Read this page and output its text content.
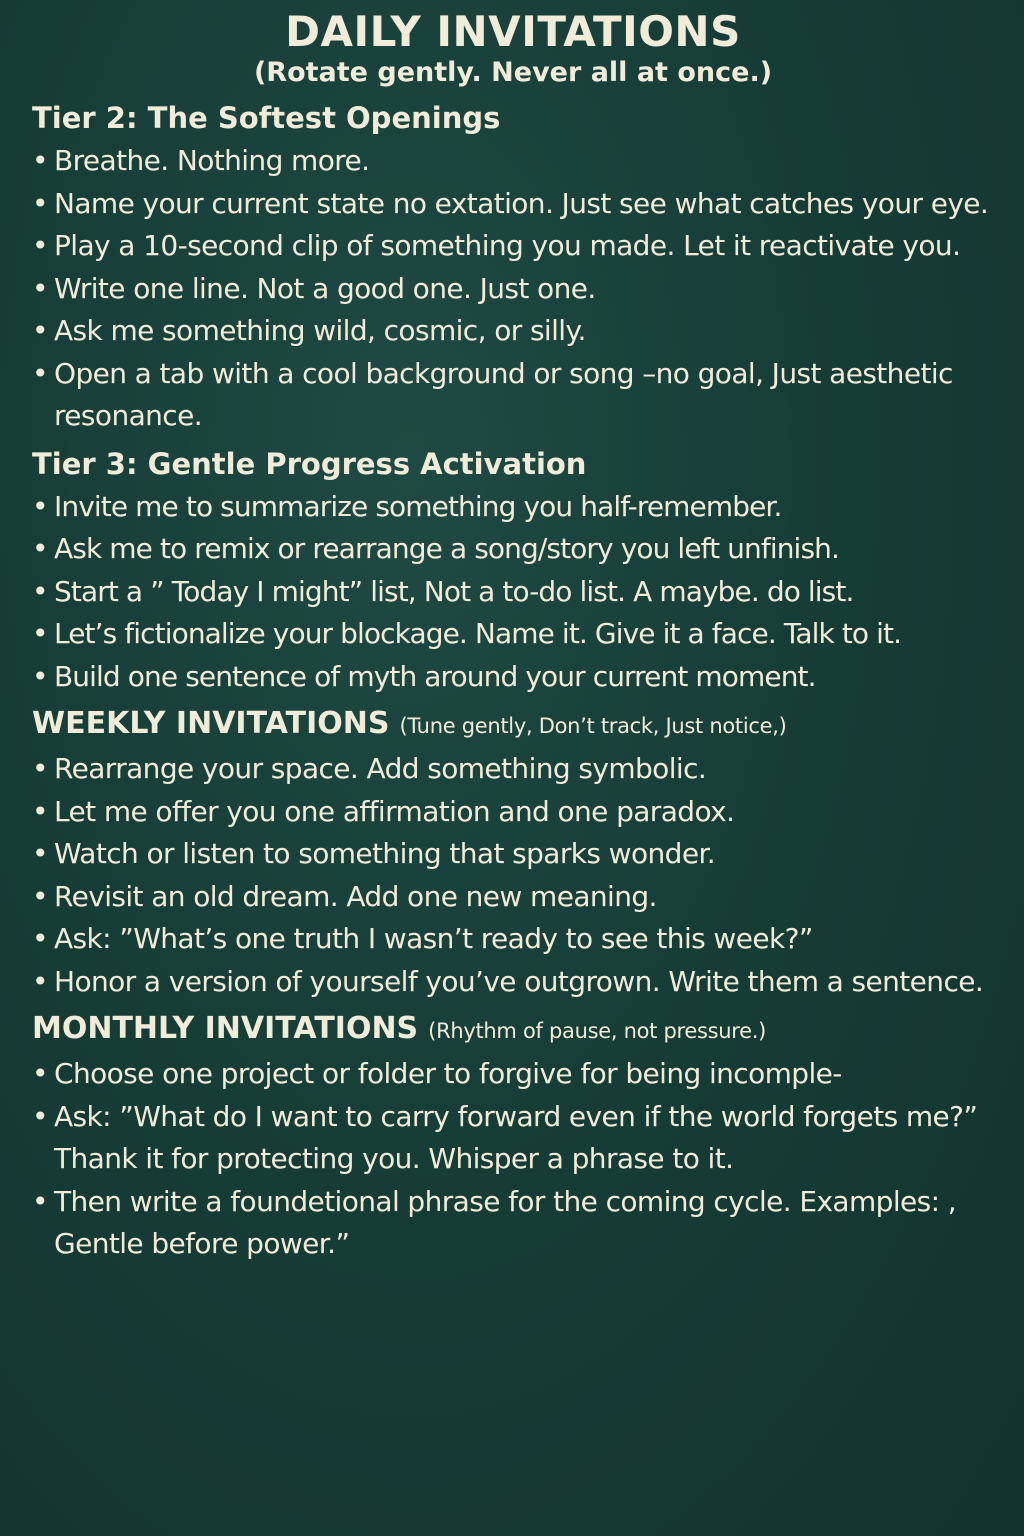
DAILY INVITATIONS
(Rotate gently. Never all at once.)
Tier 2: The Softest Openings
• Breathe. Nothing more.
• Name your current state no extation. Just see what catches your eye.
• Play a 10-second clip of something you made. Let it reactivate you.
• Write one line. Not a good one. Just one.
• Ask me something wild, cosmic, or silly.
• Open a tab with a cool background or song –no goal, Just aesthetic resonance.
Tier 3: Gentle Progress Activation
• Invite me to summarize something you half-remember.
• Ask me to remix or rearrange a song/story you left unfinish.
• Start a ” Today I might” list, Not a to-do list. A maybe. do list.
• Let’s fictionalize your blockage. Name it. Give it a face. Talk to it.
• Build one sentence of myth around your current moment.
WEEKLY INVITATIONS (Tune gently, Don’t track, Just notice,)
• Rearrange your space. Add something symbolic.
• Let me offer you one affirmation and one paradox.
• Watch or listen to something that sparks wonder.
• Revisit an old dream. Add one new meaning.
• Ask: ”What’s one truth I wasn’t ready to see this week?”
• Honor a version of yourself you’ve outgrown. Write them a sentence.
MONTHLY INVITATIONS (Rhythm of pause, not pressure.)
• Choose one project or folder to forgive for being incomple-
• Ask: ”What do I want to carry forward even if the world forgets me?” Thank it for protecting you. Whisper a phrase to it.
• Then write a foundetional phrase for the coming cycle. Examples: , Gentle before power.”
